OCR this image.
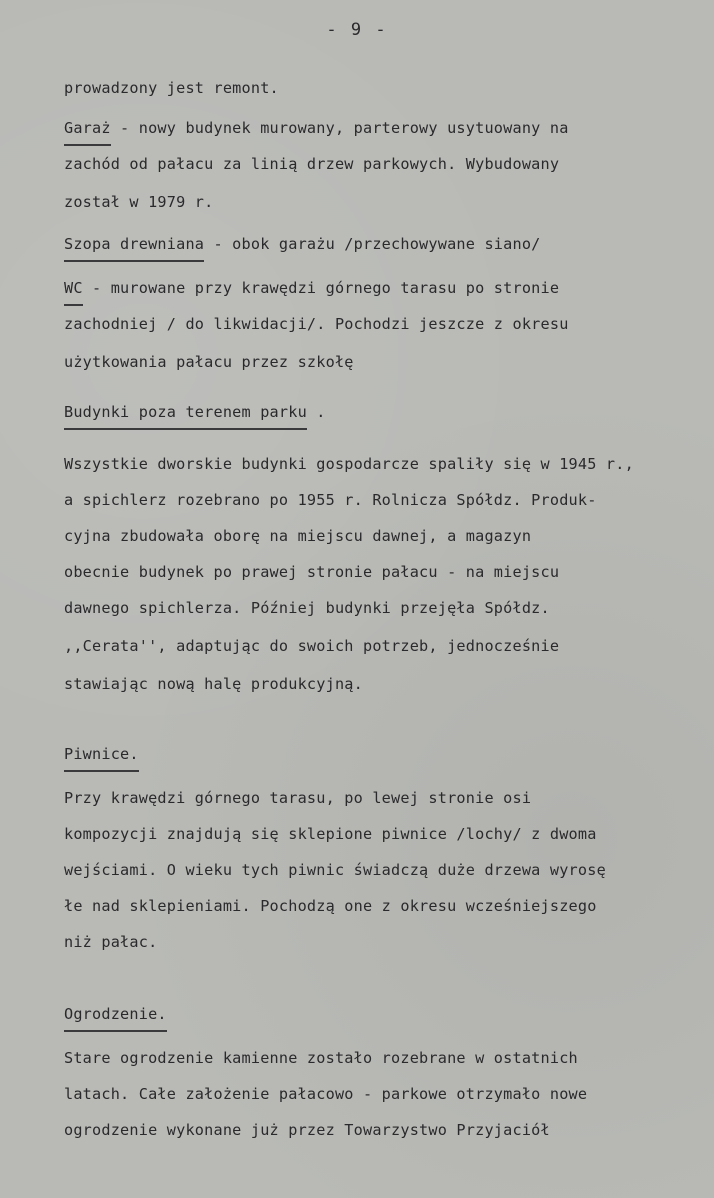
- 9 -
prowadzony jest remont.
Garaż - nowy budynek murowany, parterowy usytuowany na
zachód od pałacu za linią drzew parkowych. Wybudowany
został w 1979 r.
Szopa drewniana - obok garażu /przechowywane siano/
WC - murowane przy krawędzi górnego tarasu po stronie
zachodniej / do likwidacji/. Pochodzi jeszcze z okresu
użytkowania pałacu przez szkołę
Budynki poza terenem parku .
Wszystkie dworskie budynki gospodarcze spaliły się w 1945 r.,
a spichlerz rozebrano po 1955 r. Rolnicza Spółdz. Produk-
cyjna zbudowała oborę na miejscu dawnej, a magazyn
obecnie budynek po prawej stronie pałacu - na miejscu
dawnego spichlerza. Później budynki przejęła Spółdz.
,,Cerata'', adaptując do swoich potrzeb, jednocześnie
stawiając nową halę produkcyjną.
Piwnice.
Przy krawędzi górnego tarasu, po lewej stronie osi
kompozycji znajdują się sklepione piwnice /lochy/ z dwoma
wejściami. O wieku tych piwnic świadczą duże drzewa wyrosę
łe nad sklepieniami. Pochodzą one z okresu wcześniejszego
niż pałac.
Ogrodzenie.
Stare ogrodzenie kamienne zostało rozebrane w ostatnich
latach. Całe założenie pałacowo - parkowe otrzymało nowe
ogrodzenie wykonane już przez Towarzystwo Przyjaciół
